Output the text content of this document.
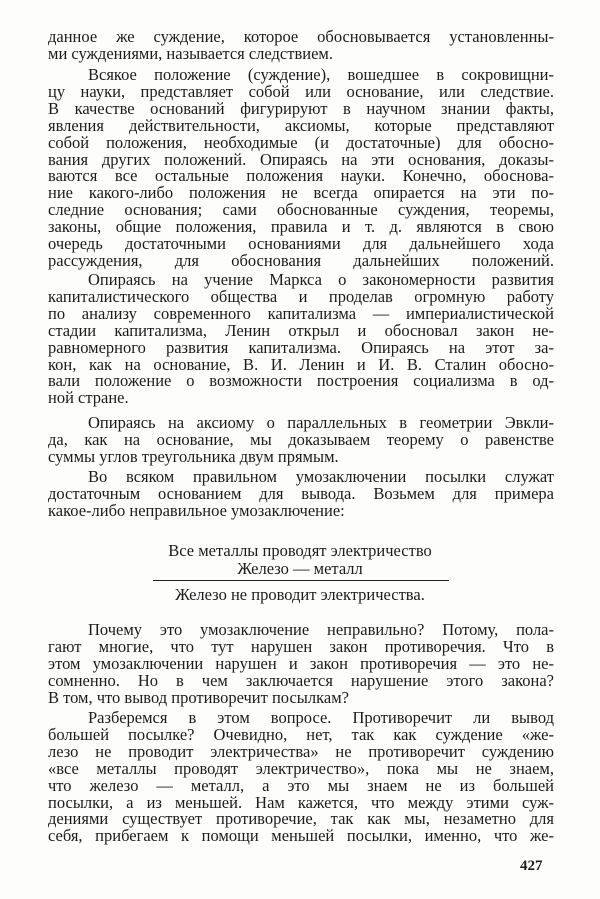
данное же суждение, которое обосновывается установленны-
ми суждениями, называется следствием.
Всякое положение (суждение), вошедшее в сокровищни-
цу науки, представляет собой или основание, или следствие.
В качестве оснований фигурируют в научном знании факты,
явления действительности, аксиомы, которые представляют
собой положения, необходимые (и достаточные) для обосно-
вания других положений. Опираясь на эти основания, доказы-
ваются все остальные положения науки. Конечно, обоснова-
ние какого-либо положения не всегда опирается на эти по-
следние основания; сами обоснованные суждения, теоремы,
законы, общие положения, правила и т. д. являются в свою
очередь достаточными основаниями для дальнейшего хода
рассуждения, для обоснования дальнейших положений.
Опираясь на учение Маркса о закономерности развития
капиталистического общества и проделав огромную работу
по анализу современного капитализма — империалистической
стадии капитализма, Ленин открыл и обосновал закон не-
равномерного развития капитализма. Опираясь на этот за-
кон, как на основание, В. И. Ленин и И. В. Сталин обосно-
вали положение о возможности построения социализма в од-
ной стране.
Опираясь на аксиому о параллельных в геометрии Эвкли-
да, как на основание, мы доказываем теорему о равенстве
суммы углов треугольника двум прямым.
Во всяком правильном умозаключении посылки служат
достаточным основанием для вывода. Возьмем для примера
какое-либо неправильное умозаключение:
Почему это умозаключение неправильно? Потому, пола-
гают многие, что тут нарушен закон противоречия. Что в
этом умозаключении нарушен и закон противоречия — это не-
сомненно. Но в чем заключается нарушение этого закона?
В том, что вывод противоречит посылкам?
Разберемся в этом вопросе. Противоречит ли вывод
большей посылке? Очевидно, нет, так как суждение «же-
лезо не проводит электричества» не противоречит суждению
«все металлы проводят электричество», пока мы не знаем,
что железо — металл, а это мы знаем не из большей
посылки, а из меньшей. Нам кажется, что между этими суж-
дениями существует противоречие, так как мы, незаметно для
себя, прибегаем к помощи меньшей посылки, именно, что же-
Все металлы проводят электричество
Железо — металл
Железо не проводит электричества.
427
